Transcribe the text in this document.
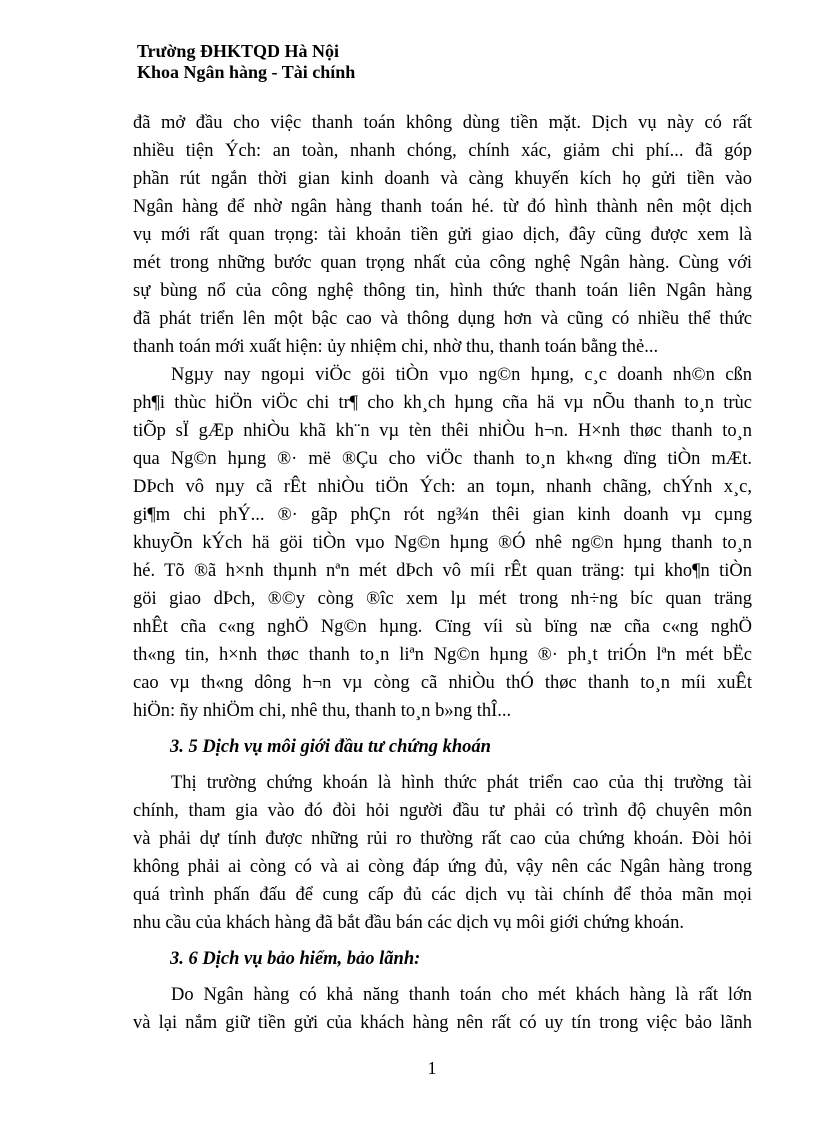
Trường ĐHKTQD Hà Nội
Khoa Ngân hàng - Tài chính
đã mở đầu cho việc thanh toán không dùng tiền mặt. Dịch vụ này có rất
nhiều tiện Ých: an toàn, nhanh chóng, chính xác, giảm chi phí... đã góp
phần rút ngắn thời gian kinh doanh và càng khuyến kích họ gửi tiền vào
Ngân hàng để nhờ ngân hàng thanh toán hé. từ đó hình thành nên một dịch
vụ mới rất quan trọng: tài khoản tiền gửi giao dịch, đây cũng được xem là
mét trong những bước quan trọng nhất của công nghệ Ngân hàng. Cùng với
sự bùng nổ của công nghệ thông tin, hình thức thanh toán liên Ngân hàng
đã phát triển lên một bậc cao và thông dụng hơn và cũng có nhiều thể thức
thanh toán mới xuất hiện: ủy nhiệm chi, nhờ thu, thanh toán bằng thẻ...
Ngµy nay ngoµi viÖc göi tiÒn vµo ng©n hµng, c¸c doanh nh©n cßn
ph¶i thùc hiÖn viÖc chi tr¶ cho kh¸ch hµng cña hä vµ nÕu thanh to¸n trùc
tiÕp sÏ gÆp nhiÒu khã kh¨n vµ tèn thêi nhiÒu h¬n. H×nh thøc thanh to¸n
qua Ng©n hµng ®· më ®Çu cho viÖc thanh to¸n kh«ng dïng tiÒn mÆt.
DÞch vô nµy cã rÊt nhiÒu tiÖn Ých: an toµn, nhanh chãng, chÝnh x¸c,
gi¶m chi phÝ... ®· gãp phÇn rót ng¾n thêi gian kinh doanh vµ cµng
khuyÕn kÝch hä göi tiÒn vµo Ng©n hµng ®Ó nhê ng©n hµng thanh to¸n
hé. Tõ ®ã h×nh thµnh nªn mét dÞch vô míi rÊt quan träng: tµi kho¶n tiÒn
göi giao dÞch, ®©y còng ®îc xem lµ mét trong nh÷ng bíc quan träng
nhÊt cña c«ng nghÖ Ng©n hµng. Cïng víi sù bïng næ cña c«ng nghÖ
th«ng tin, h×nh thøc thanh to¸n liªn Ng©n hµng ®· ph¸t triÓn lªn mét bËc
cao vµ th«ng dông h¬n vµ còng cã nhiÒu thÓ thøc thanh to¸n míi xuÊt
hiÖn: ñy nhiÖm chi, nhê thu, thanh to¸n b»ng thÎ...
3. 5 Dịch vụ môi giới đầu tư chứng khoán
Thị trường chứng khoán là hình thức phát triển cao của thị trường tài
chính, tham gia vào đó đòi hỏi người đầu tư phải có trình độ chuyên môn
và phải dự tính được những rủi ro thường rất cao của chứng khoán. Đòi hỏi
không phải ai còng có và ai còng đáp ứng đủ, vậy nên các Ngân hàng trong
quá trình phấn đấu để cung cấp đủ các dịch vụ tài chính để thỏa mãn mọi
nhu cầu của khách hàng đã bắt đầu bán các dịch vụ môi giới chứng khoán.
3. 6 Dịch vụ bảo hiểm, bảo lãnh:
Do Ngân hàng có khả năng thanh toán cho mét khách hàng là rất lớn
và lại nắm giữ tiền gửi của khách hàng nên rất có uy tín trong việc bảo lãnh
1
